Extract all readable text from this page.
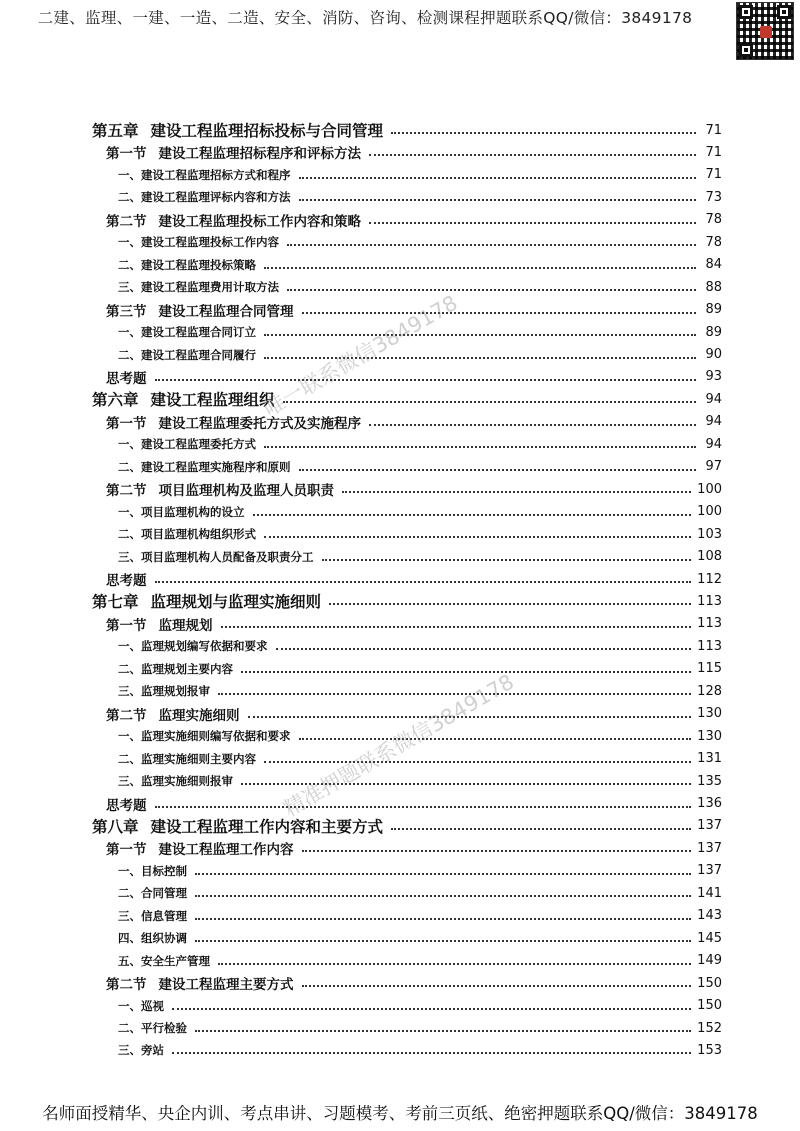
二建、监理、一建、一造、二造、安全、消防、咨询、检测课程押题联系QQ/微信：3849178
第五章 建设工程监理招标投标与合同管理	71
第一节 建设工程监理招标程序和评标方法	71
一、建设工程监理招标方式和程序	71
二、建设工程监理评标内容和方法	73
第二节 建设工程监理投标工作内容和策略	78
一、建设工程监理投标工作内容	78
二、建设工程监理投标策略	84
三、建设工程监理费用计取方法	88
第三节 建设工程监理合同管理	89
一、建设工程监理合同订立	89
二、建设工程监理合同履行	90
思考题	93
第六章 建设工程监理组织	94
第一节 建设工程监理委托方式及实施程序	94
一、建设工程监理委托方式	94
二、建设工程监理实施程序和原则	97
第二节 项目监理机构及监理人员职责	100
一、项目监理机构的设立	100
二、项目监理机构组织形式	103
三、项目监理机构人员配备及职责分工	108
思考题	112
第七章 监理规划与监理实施细则	113
第一节 监理规划	113
一、监理规划编写依据和要求	113
二、监理规划主要内容	115
三、监理规划报审	128
第二节 监理实施细则	130
一、监理实施细则编写依据和要求	130
二、监理实施细则主要内容	131
三、监理实施细则报审	135
思考题	136
第八章 建设工程监理工作内容和主要方式	137
第一节 建设工程监理工作内容	137
一、目标控制	137
二、合同管理	141
三、信息管理	143
四、组织协调	145
五、安全生产管理	149
第二节 建设工程监理主要方式	150
一、巡视	150
二、平行检验	152
三、旁站	153
唯一联系微信3849178
精准押题联系微信3849178
名师面授精华、央企内训、考点串讲、习题模考、考前三页纸、绝密押题联系QQ/微信：3849178
